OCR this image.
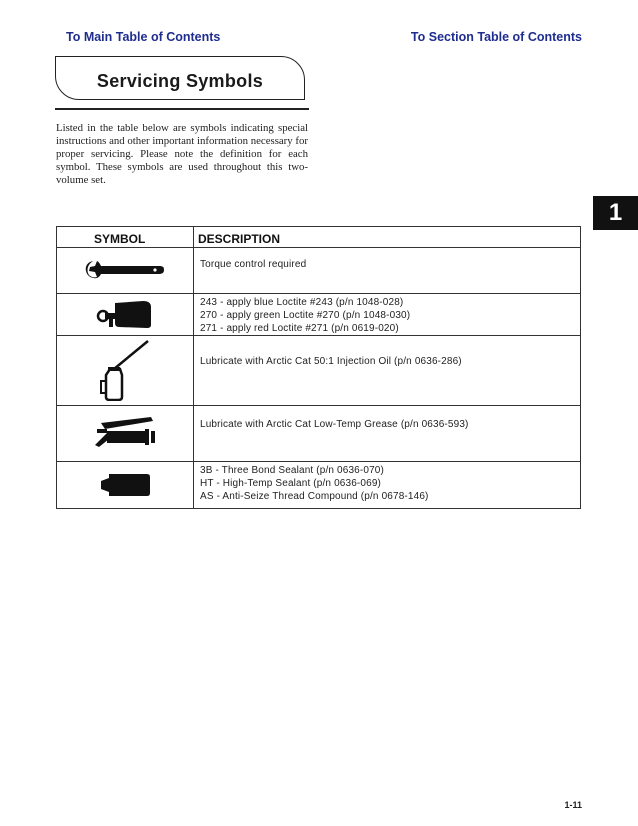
To Main Table of Contents	To Section Table of Contents
Servicing Symbols
Listed in the table below are symbols indicating special instructions and other important information necessary for proper servicing. Please note the definition for each symbol. These symbols are used throughout this two-volume set.
1
SYMBOL	DESCRIPTION
Torque control required
243 - apply blue Loctite #243 (p/n 1048-028)
270 - apply green Loctite #270 (p/n 1048-030)
271 - apply red Loctite #271 (p/n 0619-020)
Lubricate with Arctic Cat 50:1 Injection Oil (p/n 0636-286)
Lubricate with Arctic Cat Low-Temp Grease (p/n 0636-593)
3B - Three Bond Sealant (p/n 0636-070)
HT - High-Temp Sealant (p/n 0636-069)
AS - Anti-Seize Thread Compound (p/n 0678-146)
1-11
